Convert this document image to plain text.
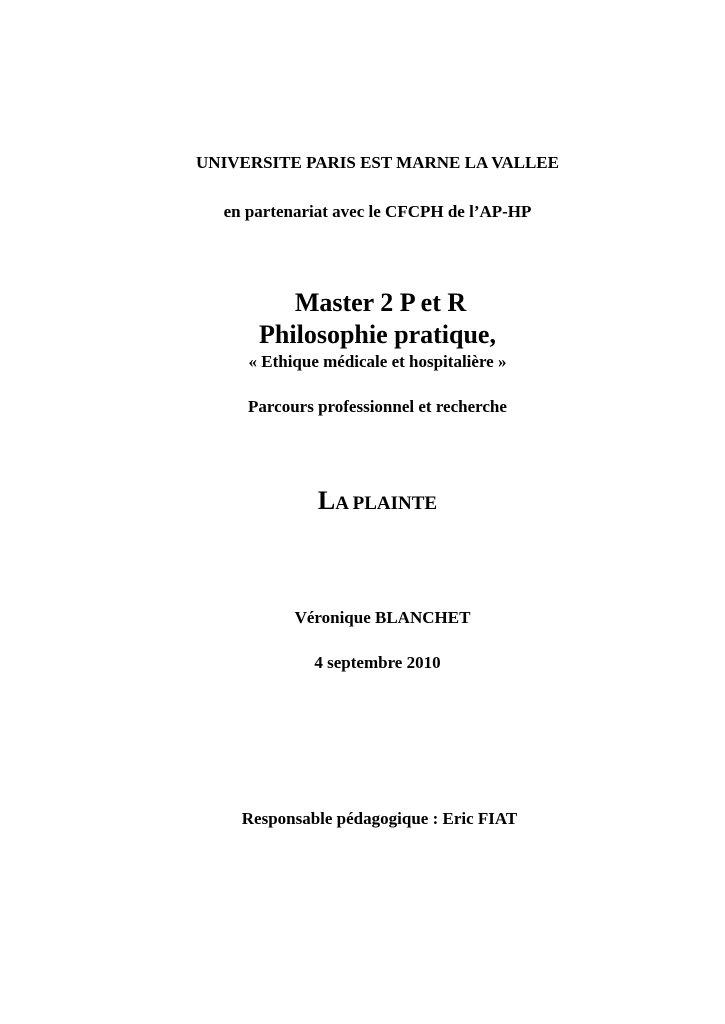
UNIVERSITE PARIS EST MARNE LA VALLEE
en partenariat avec le CFCPH de l’AP-HP
Master 2 P et R
Philosophie pratique,
« Ethique médicale et hospitalière »
Parcours professionnel et recherche
LA PLAINTE
Véronique BLANCHET
4 septembre 2010
Responsable pédagogique : Eric FIAT
